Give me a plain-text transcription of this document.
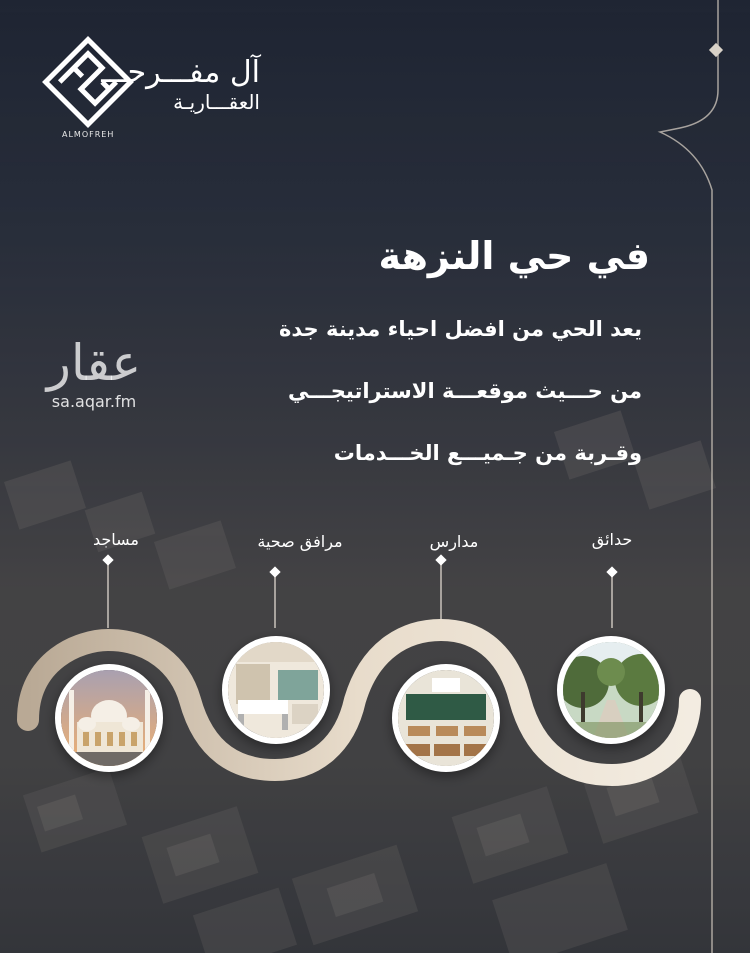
آل مفـــرحـــ
العقـــاريـة
ALMOFREH
عقار
sa.aqar.fm
في حي النزهة
يعد الحي من افضل احياء مدينة جدة
من حـــيث موقعـــة الاستراتيجـــي
وقـربة من جـميـــع الخـــدمات
حدائق
مدارس
مرافق صحية
مساجد
